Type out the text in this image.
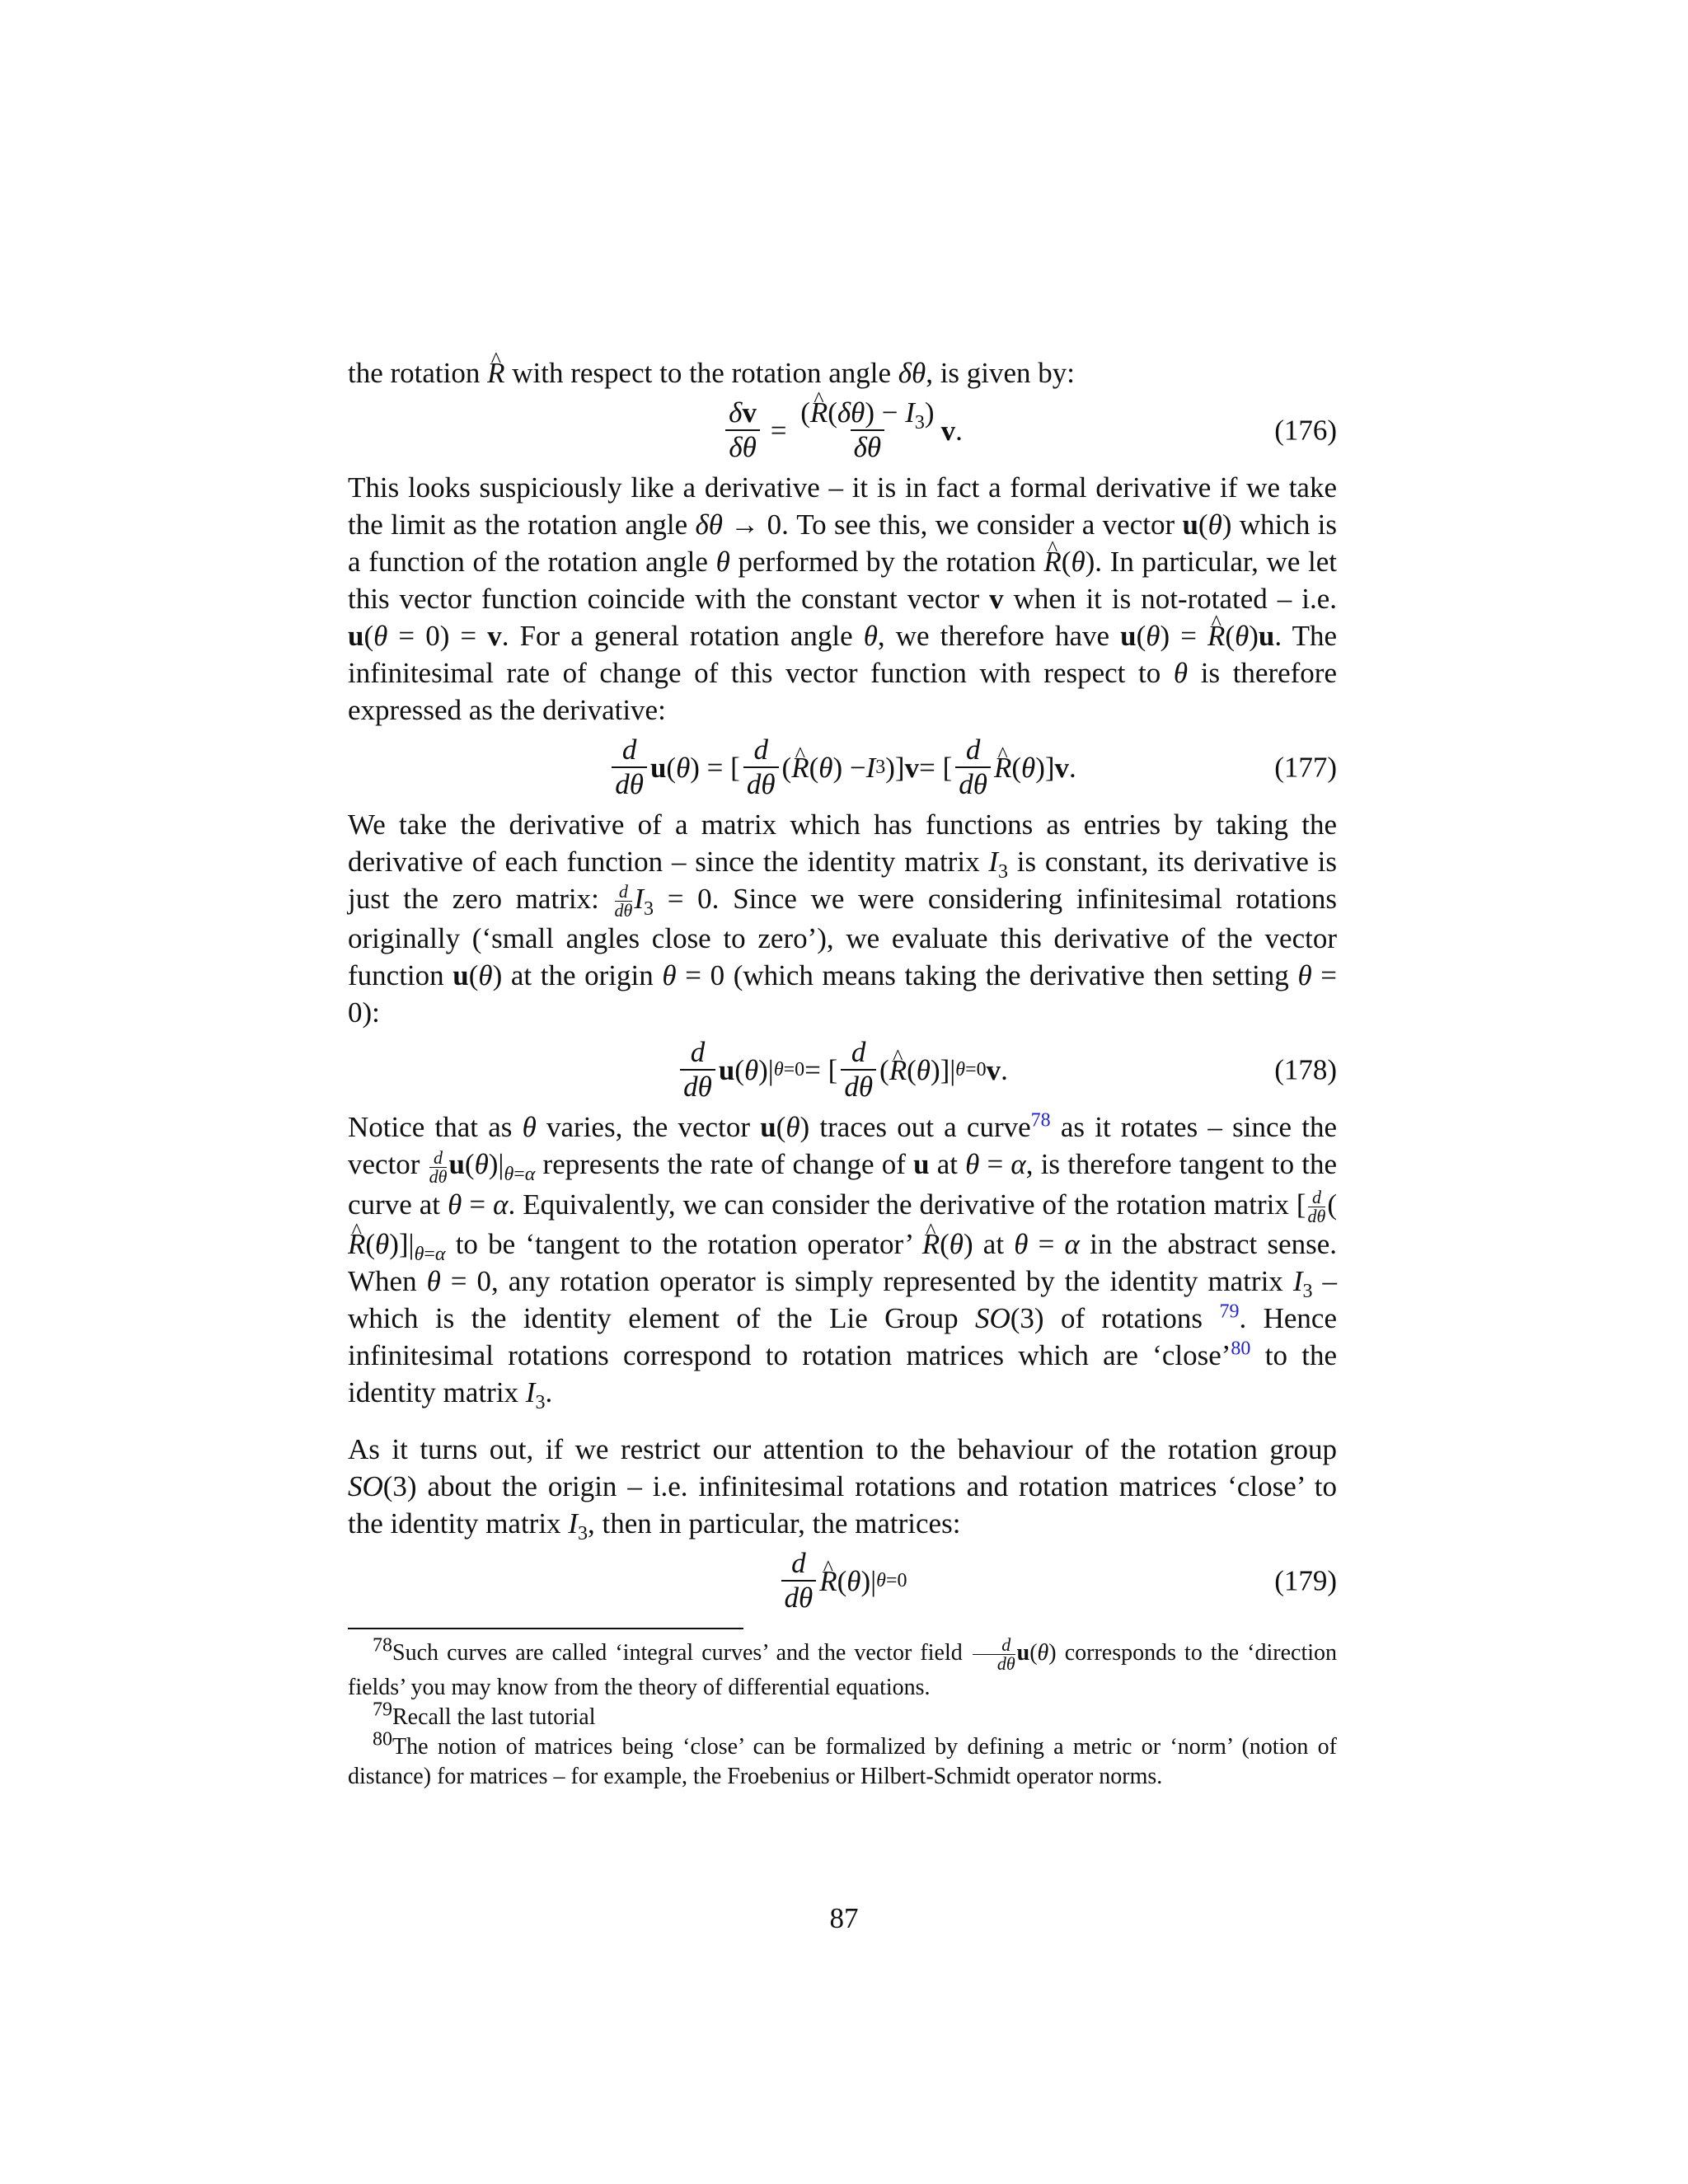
the rotation ^ R with respect to the rotation angle δθ, is given by:

$\frac{\delta v}{\delta\theta} = \frac{(\^{} R(\delta\theta) - I_3)}{\delta\theta}$ v .	(176)

This looks suspiciously like a derivative – it is in fact a formal derivative if we take the limit as the rotation angle δθ → 0. To see this, we consider a vector u(θ) which is a function of the rotation angle θ performed by the rotation ^ R(θ). In particular, we let this vector function coincide with the constant vector v when it is not-rotated – i.e. u(θ = 0) = v. For a general rotation angle θ, we therefore have u(θ) = ^ R(θ)u. The infinitesimal rate of change of this vector function with respect to θ is therefore expressed as the derivative:

$\frac{d}{d\theta}$ u ( θ ) = [ $\frac{d}{d\theta}$ ( ^ R ( θ ) − I 3 )] v = [ $\frac{d}{d\theta}$ ^ R ( θ )] v .	(177)

We take the derivative of a matrix which has functions as entries by taking the derivative of each function – since the identity matrix $I_3$ is constant, its derivative is just the zero matrix: $\frac{d}{d\theta} I_3 = 0$. Since we were considering infinitesimal rotations originally (‘small angles close to zero’), we evaluate this derivative of the vector function u(θ) at the origin θ = 0 (which means taking the derivative then setting θ = 0):

$\frac{d}{d\theta}$ u ( θ )| θ=0 = [ $\frac{d}{d\theta}$ ( ^ R ( θ )]| θ=0 v .	(178)

Notice that as θ varies, the vector u(θ) traces out a curve$^{78}$ as it rotates – since the vector $\frac{d}{d\theta} u(\theta)|_{\theta=\alpha}$ represents the rate of change of u at θ = α, is therefore tangent to the curve at θ = α. Equivalently, we can consider the derivative of the rotation matrix [ $\frac{d}{d\theta}$ (^ $R(\theta)]|_{\theta=\alpha}$ to be ‘tangent to the rotation operator’ ^ R(θ) at θ = α in the abstract sense. When θ = 0, any rotation operator is simply represented by the identity matrix $I_3$ – which is the identity element of the Lie Group SO(3) of rotations $^{79}$. Hence infinitesimal rotations correspond to rotation matrices which are ‘close’$^{80}$ to the identity matrix $I_3$.

As it turns out, if we restrict our attention to the behaviour of the rotation group SO(3) about the origin – i.e. infinitesimal rotations and rotation matrices ‘close’ to the identity matrix $I_3$, then in particular, the matrices:

$\frac{d}{d\theta}$ ^ R ( θ )| θ=0	(179)

$^{78}$Such curves are called ‘integral curves’ and the vector field $\frac{d}{d\theta} u(\theta)$ corresponds to the ‘direction fields’ you may know from the theory of differential equations.

$^{79}$Recall the last tutorial

$^{80}$The notion of matrices being ‘close’ can be formalized by defining a metric or ‘norm’ (notion of distance) for matrices – for example, the Froebenius or Hilbert-Schmidt operator norms.

87
